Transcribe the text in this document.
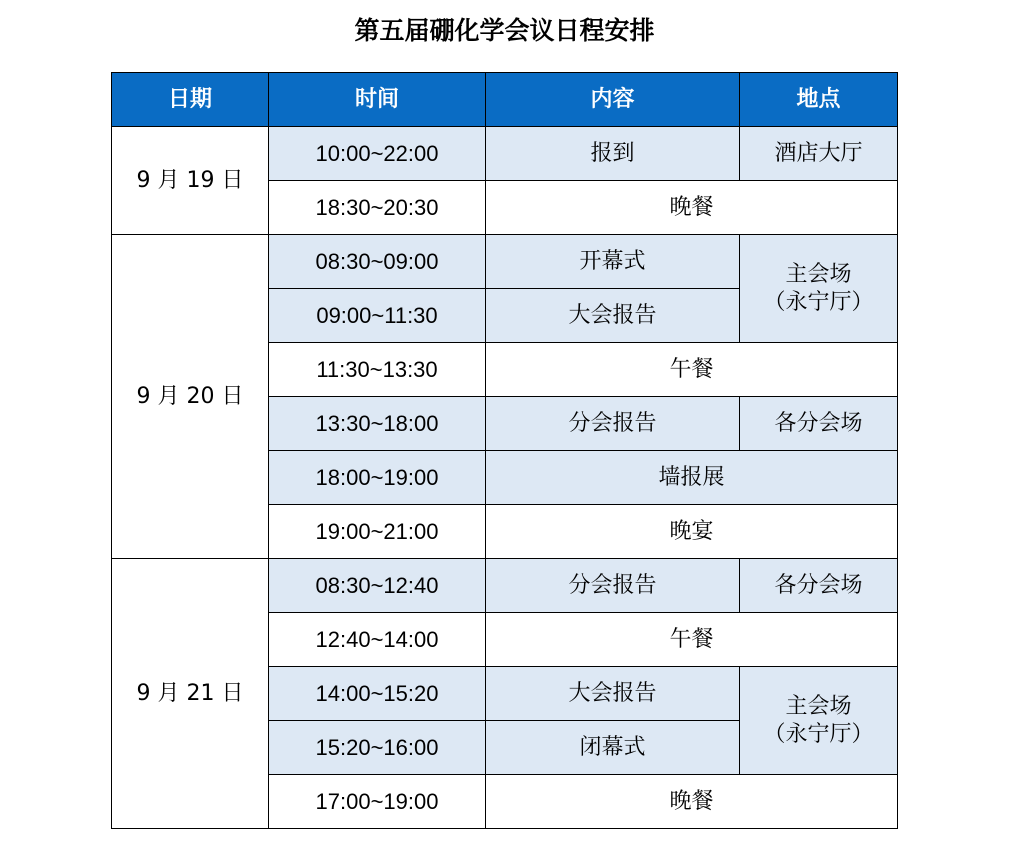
第五届硼化学会议日程安排
日期	时间	内容	地点
9 月 19 日	10:00~22:00	报到	酒店大厅
	18:30~20:30	晚餐	
9 月 20 日	08:30~09:00	开幕式	主会场
（永宁厅）

	09:00~11:30	大会报告	
	11:30~13:30	午餐	
	13:30~18:00	分会报告	各分会场
	18:00~19:00	墙报展	
	19:00~21:00	晚宴	
9 月 21 日	08:30~12:40	分会报告	各分会场
	12:40~14:00	午餐	
	14:00~15:20	大会报告	主会场
（永宁厅）

	15:20~16:00	闭幕式	
	17:00~19:00	晚餐	
